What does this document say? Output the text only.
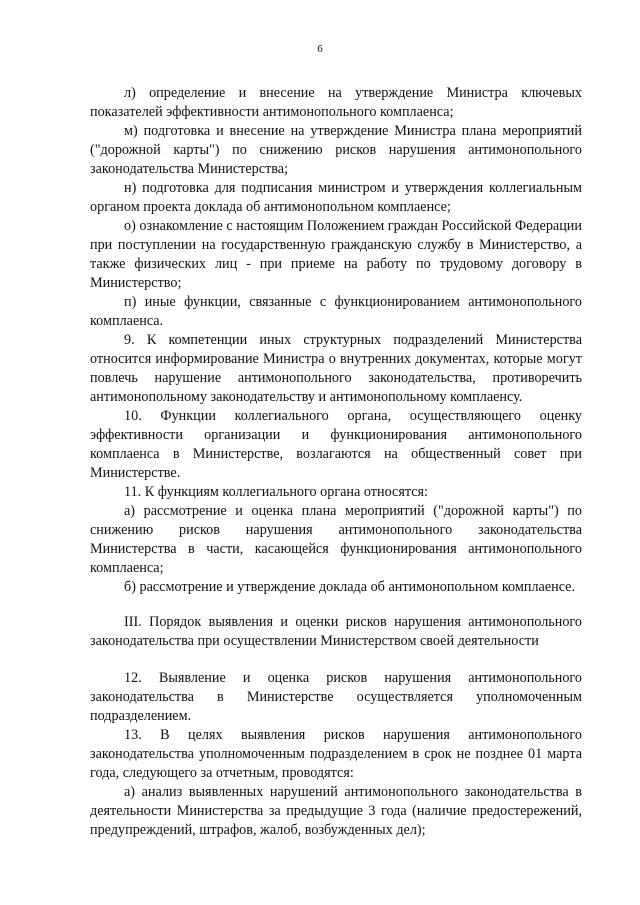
6

л) определение и внесение на утверждение Министра ключевых показателей эффективности антимонопольного комплаенса;

м) подготовка и внесение на утверждение Министра плана мероприятий ("дорожной карты") по снижению рисков нарушения антимонопольного законодательства Министерства;

н) подготовка для подписания министром и утверждения коллегиальным органом проекта доклада об антимонопольном комплаенсе;

о) ознакомление с настоящим Положением граждан Российской Федерации при поступлении на государственную гражданскую службу в Министерство, а также физических лиц - при приеме на работу по трудовому договору в Министерство;

п) иные функции, связанные с функционированием антимонопольного комплаенса.

9. К компетенции иных структурных подразделений Министерства относится информирование Министра о внутренних документах, которые могут повлечь нарушение антимонопольного законодательства, противоречить антимонопольному законодательству и антимонопольному комплаенсу.

10. Функции коллегиального органа, осуществляющего оценку эффективности организации и функционирования антимонопольного комплаенса в Министерстве, возлагаются на общественный совет при Министерстве.

11. К функциям коллегиального органа относятся:

а) рассмотрение и оценка плана мероприятий ("дорожной карты") по снижению рисков нарушения антимонопольного законодательства Министерства в части, касающейся функционирования антимонопольного комплаенса;

б) рассмотрение и утверждение доклада об антимонопольном комплаенсе.

III. Порядок выявления и оценки рисков нарушения антимонопольного законодательства при осуществлении Министерством своей деятельности

12. Выявление и оценка рисков нарушения антимонопольного законодательства в Министерстве осуществляется уполномоченным подразделением.

13. В целях выявления рисков нарушения антимонопольного законодательства уполномоченным подразделением в срок не позднее 01 марта года, следующего за отчетным, проводятся:

а) анализ выявленных нарушений антимонопольного законодательства в деятельности Министерства за предыдущие 3 года (наличие предостережений, предупреждений, штрафов, жалоб, возбужденных дел);
